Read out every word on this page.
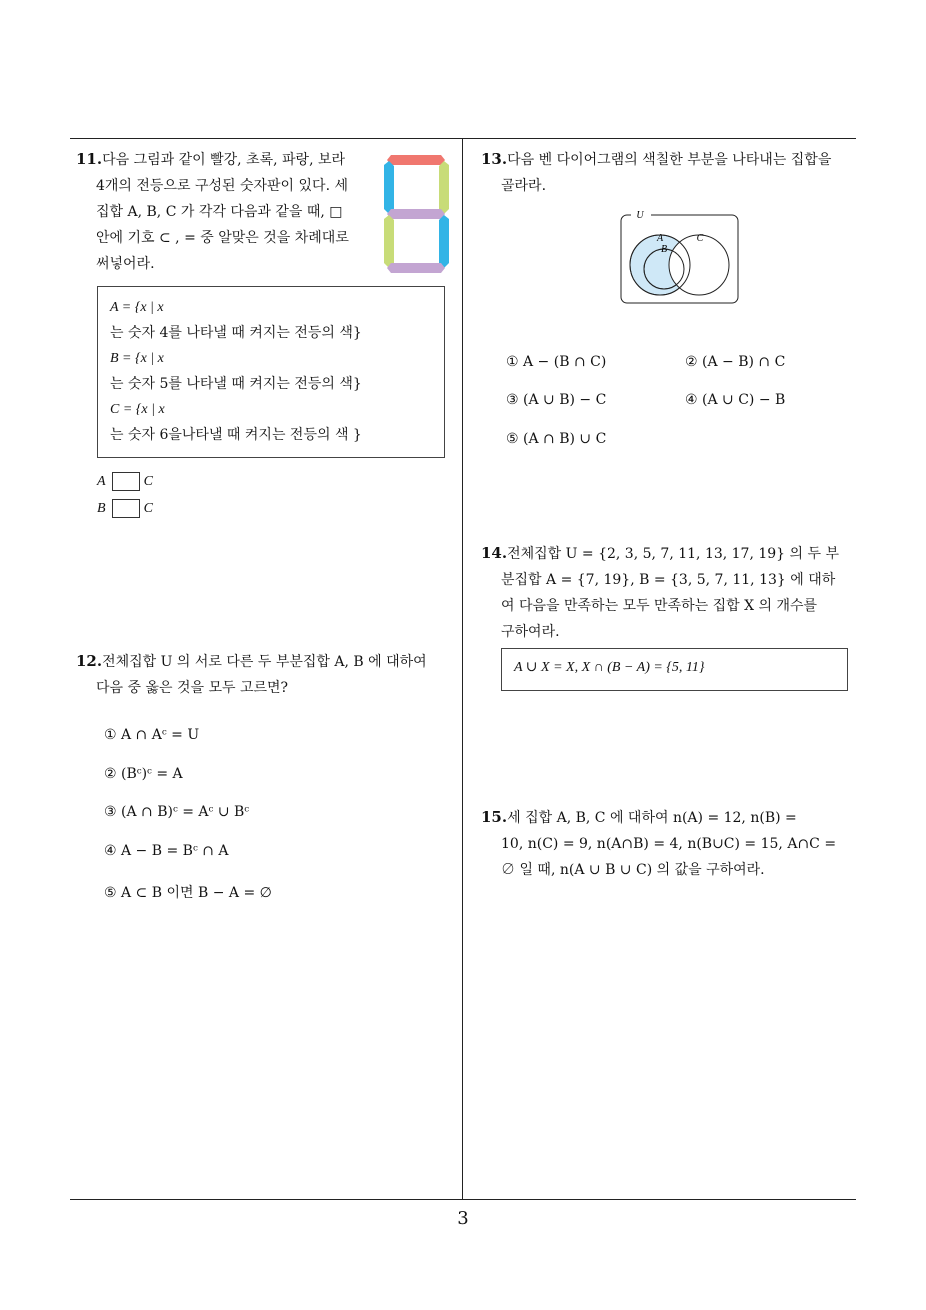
11.다음 그림과 같이 빨강, 초록, 파랑, 보라
4개의 전등으로 구성된 숫자판이 있다. 세
집합 A, B, C 가 각각 다음과 같을 때, □
안에 기호 ⊂ , = 중 알맞은 것을 차례대로
써넣어라.
A = {x | x
는 숫자 4를 나타낼 때 켜지는 전등의 색}
B = {x | x
는 숫자 5를 나타낼 때 켜지는 전등의 색}
C = {x | x
는 숫자 6을나타낼 때 켜지는 전등의 색 }
A	C
B	C
12.전체집합 U 의 서로 다른 두 부분집합 A, B 에 대하여
다음 중 옳은 것을 모두 고르면?
① A ∩ Aᶜ = U
② (Bᶜ)ᶜ = A
③ (A ∩ B)ᶜ = Aᶜ ∪ Bᶜ
④ A − B = Bᶜ ∩ A
⑤ A ⊂ B 이면 B − A = ∅
13.다음 벤 다이어그램의 색칠한 부분을 나타내는 집합을
골라라.
U
A
B
C
① A − (B ∩ C)	② (A − B) ∩ C
③ (A ∪ B) − C	④ (A ∪ C) − B
⑤ (A ∩ B) ∪ C
14.전체집합 U = {2, 3, 5, 7, 11, 13, 17, 19} 의 두 부
분집합 A = {7, 19}, B = {3, 5, 7, 11, 13} 에 대하
여 다음을 만족하는 모두 만족하는 집합 X 의 개수를
구하여라.
A ∪ X = X, X ∩ (B − A) = {5, 11}
15.세 집합 A, B, C 에 대하여 n(A) = 12, n(B) =
10, n(C) = 9, n(A∩B) = 4, n(B∪C) = 15, A∩C =
∅ 일 때, n(A ∪ B ∪ C) 의 값을 구하여라.
3
